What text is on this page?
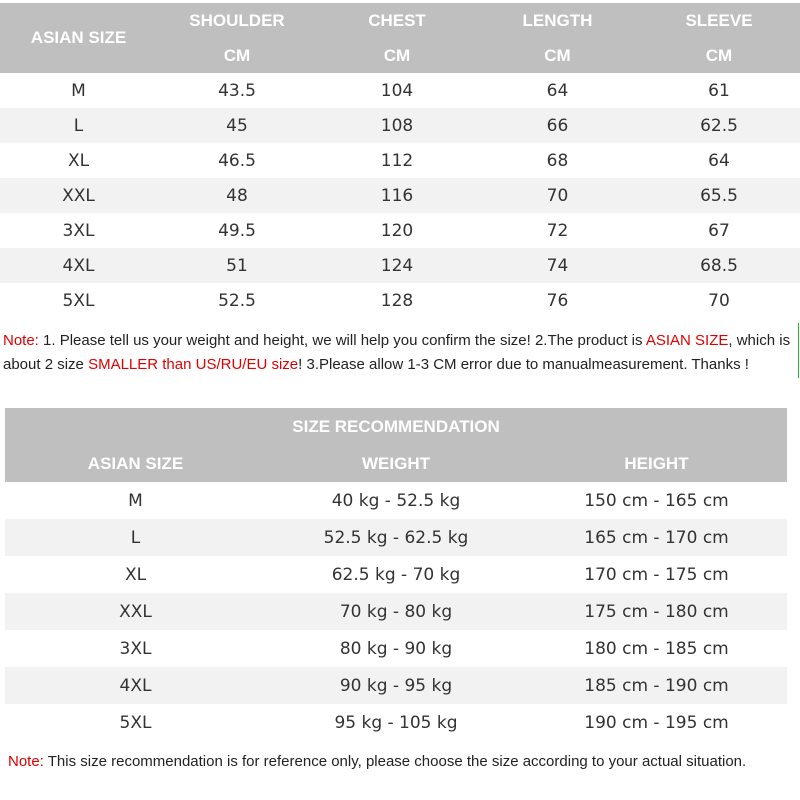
ASIAN SIZE	SHOULDER	CHEST	LENGTH	SLEEVE
	CM	CM	CM	CM
M	43.5	104	64	61
L	45	108	66	62.5
XL	46.5	112	68	64
XXL	48	116	70	65.5
3XL	49.5	120	72	67
4XL	51	124	74	68.5
5XL	52.5	128	76	70

Note: 1. Please tell us your weight and height, we will help you confirm the size! 2.The product is ASIAN SIZE, which is about 2 size SMALLER than US/RU/EU size! 3.Please allow 1-3 CM error due to manualmeasurement. Thanks !

SIZE RECOMMENDATION		
ASIAN SIZE	WEIGHT	HEIGHT
M	40 kg - 52.5 kg	150 cm - 165 cm
L	52.5 kg - 62.5 kg	165 cm - 170 cm
XL	62.5 kg - 70 kg	170 cm - 175 cm
XXL	70 kg - 80 kg	175 cm - 180 cm
3XL	80 kg - 90 kg	180 cm - 185 cm
4XL	90 kg - 95 kg	185 cm - 190 cm
5XL	95 kg - 105 kg	190 cm - 195 cm

Note: This size recommendation is for reference only, please choose the size according to your actual situation.
